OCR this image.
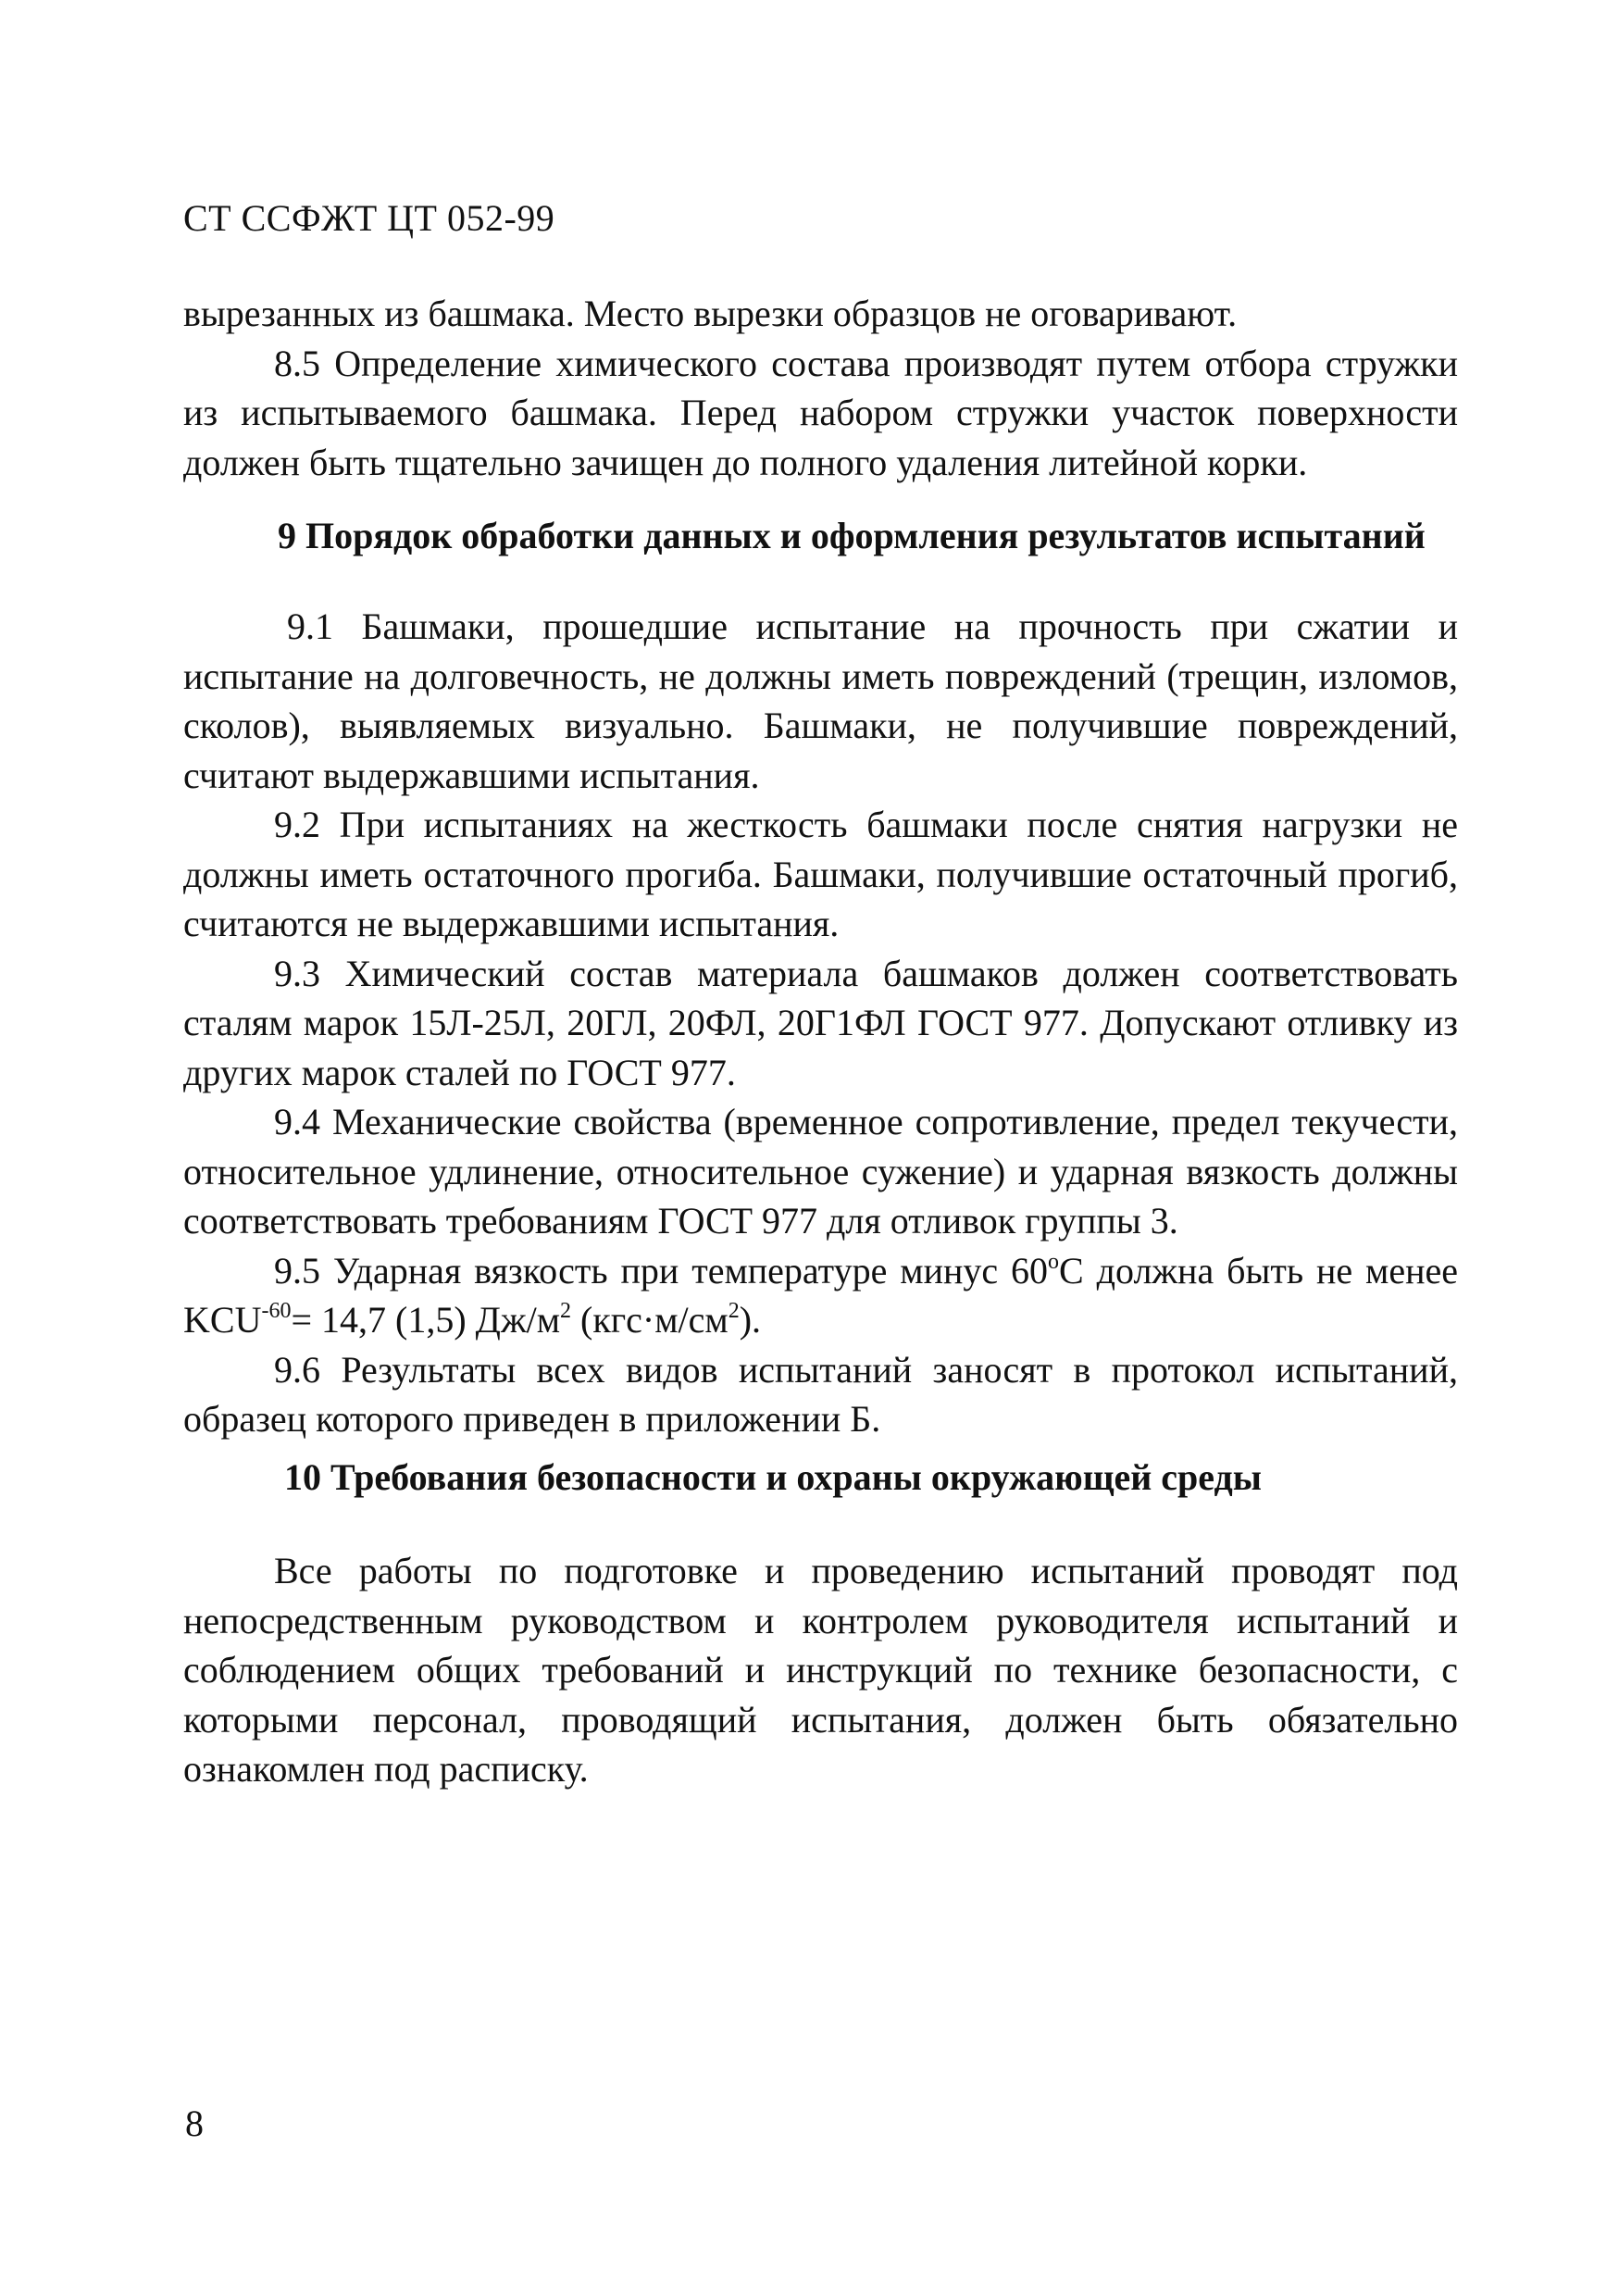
СТ ССФЖТ ЦТ 052-99

вырезанных из башмака. Место вырезки образцов не оговаривают.

8.5 Определение химического состава производят путем отбора стружки из испытываемого башмака. Перед набором стружки участок поверхности должен быть тщательно зачищен до полного удаления литейной корки.

9 Порядок обработки данных и оформления результатов испытаний

9.1 Башмаки, прошедшие испытание на прочность при сжатии и испытание на долговечность, не должны иметь повреждений (трещин, изломов, сколов), выявляемых визуально. Башмаки, не получившие повреждений, считают выдержавшими испытания.

9.2 При испытаниях на жесткость башмаки после снятия нагрузки не должны иметь остаточного прогиба. Башмаки, получившие остаточный прогиб, считаются не выдержавшими испытания.

9.3 Химический состав материала башмаков должен соответствовать сталям марок 15Л-25Л, 20ГЛ, 20ФЛ, 20Г1ФЛ ГОСТ 977. Допускают отливку из других марок сталей по ГОСТ 977.

9.4 Механические свойства (временное сопротивление, предел текучести, относительное удлинение, относительное сужение) и ударная вязкость должны соответствовать требованиям ГОСТ 977 для отливок группы 3.

9.5 Ударная вязкость при температуре минус 60$^o$С должна быть не менее $KCU^{-60}= 14,7$ (1,5) $Дж/м^2$ $(кгс\cdot м/см^2)$.

9.6 Результаты всех видов испытаний заносят в протокол испытаний, образец которого приведен в приложении Б.

10 Требования безопасности и охраны окружающей среды

Все работы по подготовке и проведению испытаний проводят под непосредственным руководством и контролем руководителя испытаний и соблюдением общих требований и инструкций по технике безопасности, с которыми персонал, проводящий испытания, должен быть обязательно ознакомлен под расписку.

8
